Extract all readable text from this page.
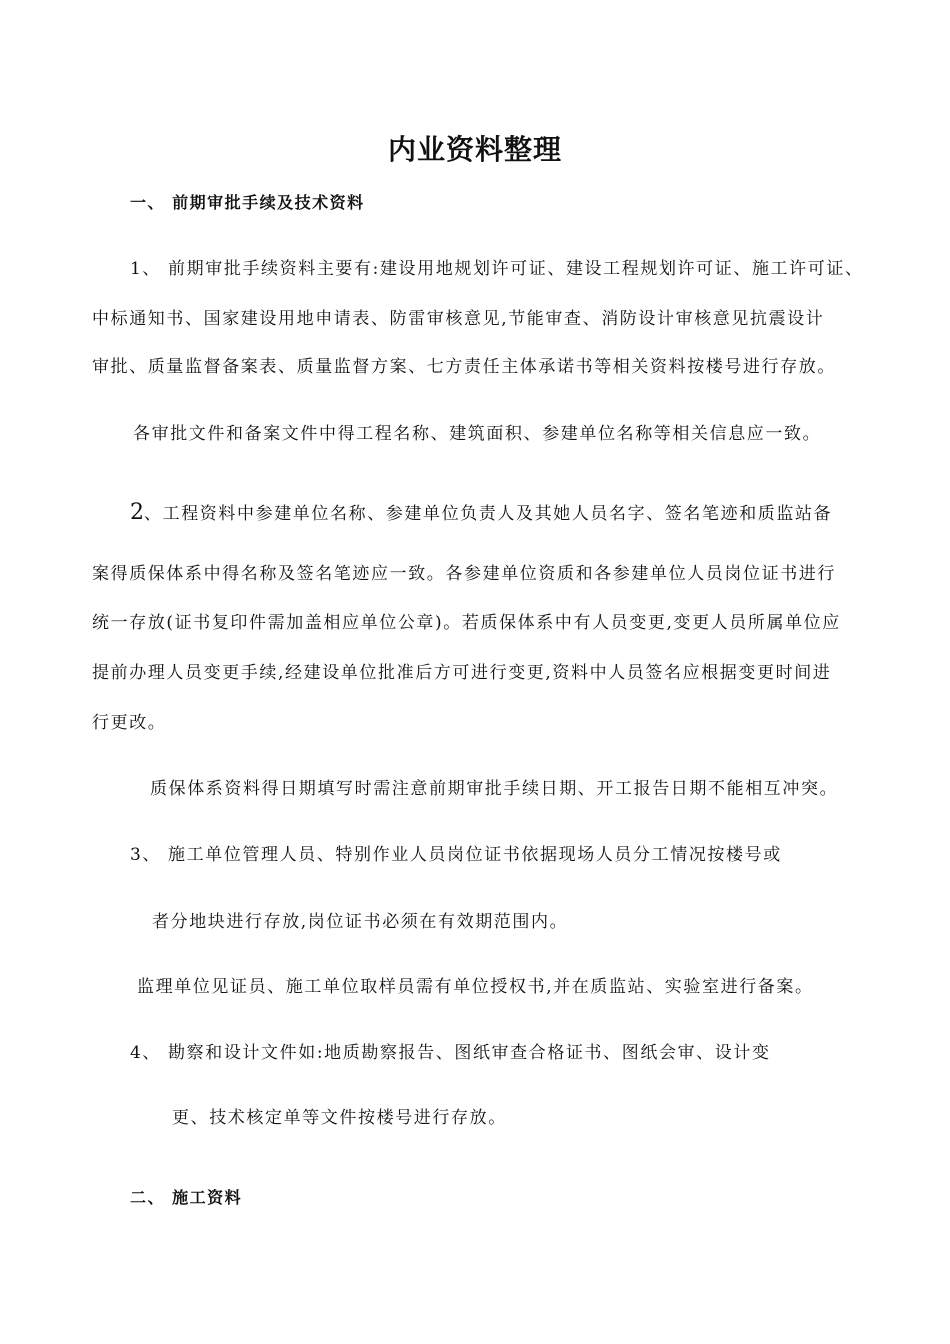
内业资料整理
一、 前期审批手续及技术资料
1、 前期审批手续资料主要有:建设用地规划许可证、建设工程规划许可证、施工许可证、
中标通知书、国家建设用地申请表、防雷审核意见,节能审查、消防设计审核意见抗震设计
审批、质量监督备案表、质量监督方案、七方责任主体承诺书等相关资料按楼号进行存放。
各审批文件和备案文件中得工程名称、建筑面积、参建单位名称等相关信息应一致。
2、工程资料中参建单位名称、参建单位负责人及其她人员名字、签名笔迹和质监站备
案得质保体系中得名称及签名笔迹应一致。各参建单位资质和各参建单位人员岗位证书进行
统一存放(证书复印件需加盖相应单位公章)。若质保体系中有人员变更,变更人员所属单位应
提前办理人员变更手续,经建设单位批准后方可进行变更,资料中人员签名应根据变更时间进
行更改。
质保体系资料得日期填写时需注意前期审批手续日期、开工报告日期不能相互冲突。
3、 施工单位管理人员、特别作业人员岗位证书依据现场人员分工情况按楼号或
者分地块进行存放,岗位证书必须在有效期范围内。
监理单位见证员、施工单位取样员需有单位授权书,并在质监站、实验室进行备案。
4、 勘察和设计文件如:地质勘察报告、图纸审查合格证书、图纸会审、设计变
更、技术核定单等文件按楼号进行存放。
二、 施工资料
